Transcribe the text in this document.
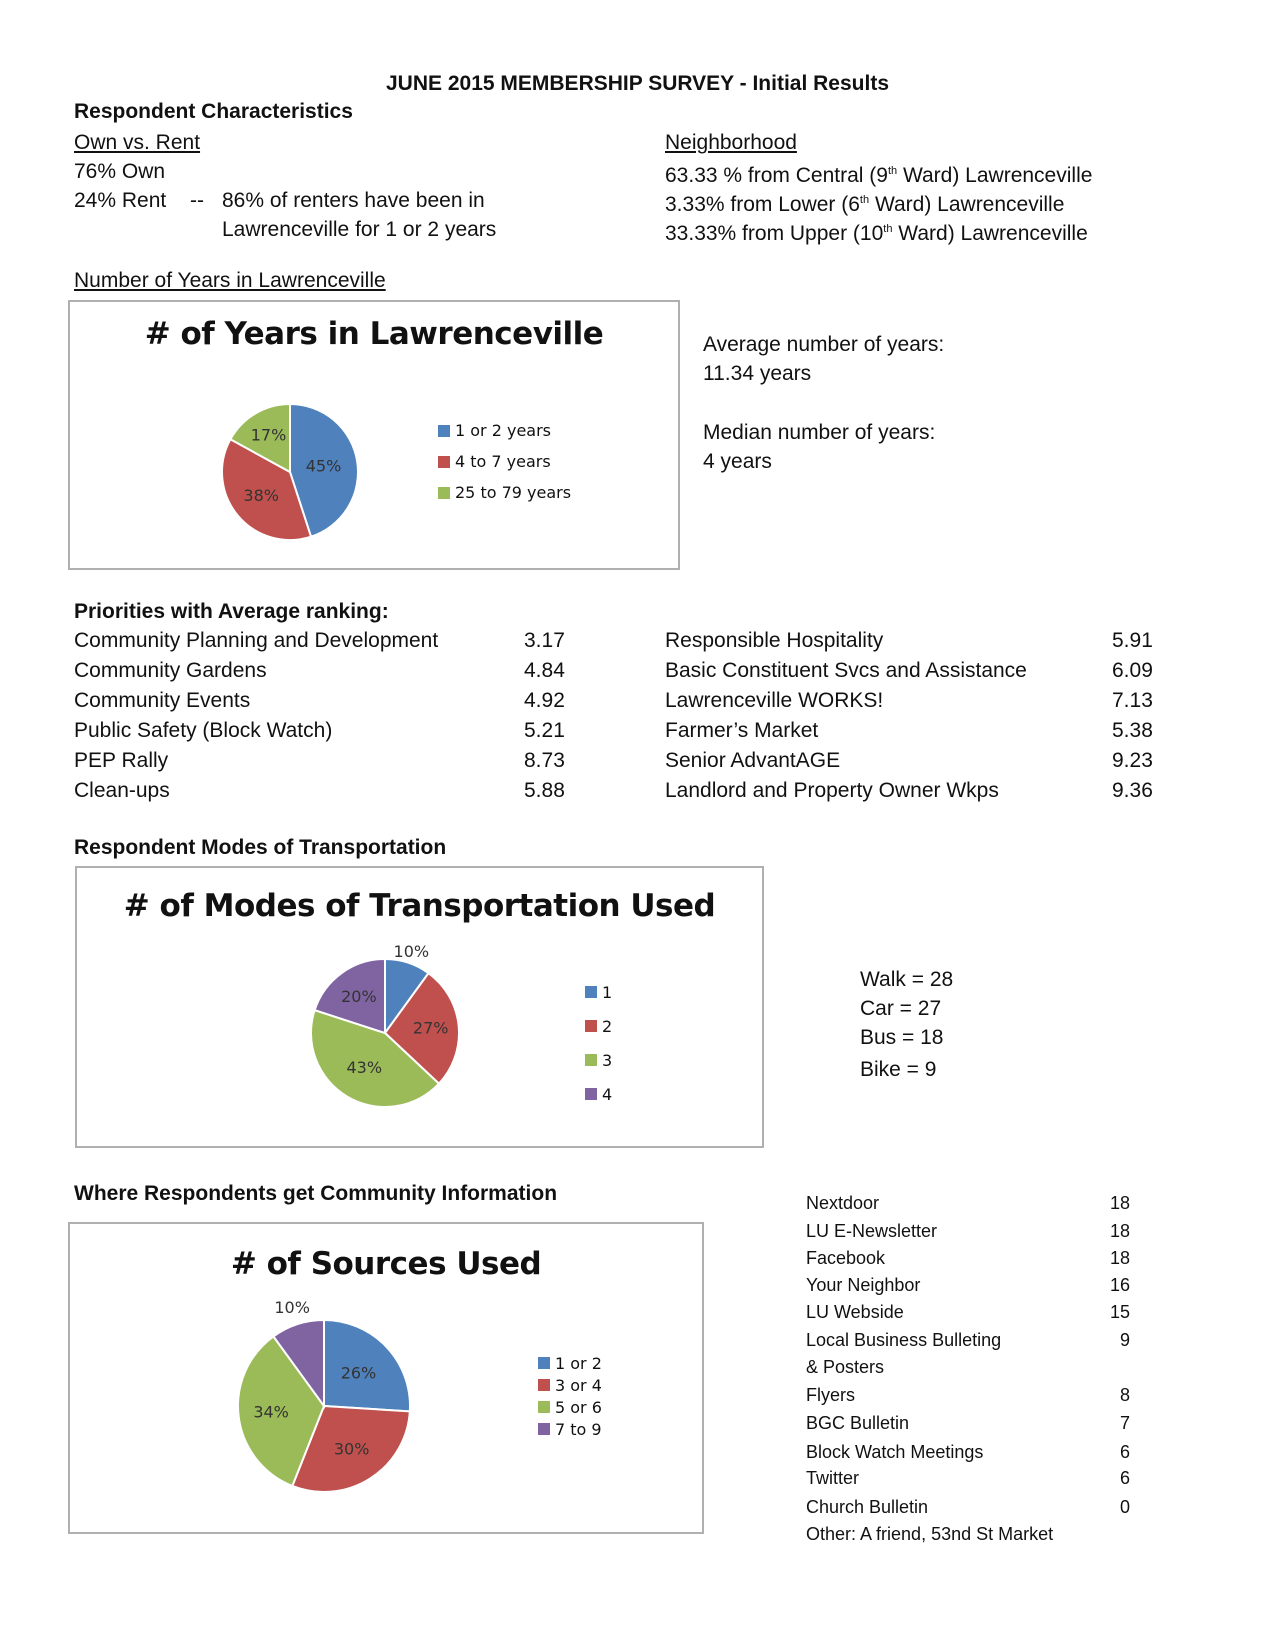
JUNE 2015 MEMBERSHIP SURVEY - Initial Results
Respondent Characteristics
Own vs. Rent
76% Own
24% Rent -- 86% of renters have been in
Lawrenceville for 1 or 2 years
Neighborhood
63.33 % from Central (9th Ward) Lawrenceville
3.33% from Lower (6th Ward) Lawrenceville
33.33% from Upper (10th Ward) Lawrenceville
Number of Years in Lawrenceville
# of Years in Lawrenceville
45%
38%
17%	1 or 2 years
4 to 7 years
25 to 79 years
Average number of years:
11.34 years
Median number of years:
4 years
Priorities with Average ranking:
Community Planning and Development	3.17
Community Gardens	4.84
Community Events	4.92
Public Safety (Block Watch)	5.21
PEP Rally	8.73
Clean-ups	5.88
Responsible Hospitality	5.91
Basic Constituent Svcs and Assistance	6.09
Lawrenceville WORKS!	7.13
Farmer’s Market	5.38
Senior AdvantAGE	9.23
Landlord and Property Owner Wkps	9.36
Respondent Modes of Transportation
# of Modes of Transportation Used
10%
27%
43%
20%	1
2
3
4
Walk = 28
Car = 27
Bus = 18
Bike = 9
Where Respondents get Community Information
# of Sources Used
26%
30%
34%
10%
1 or 2
3 or 4
5 or 6
7 to 9
Nextdoor	18
LU E-Newsletter	18
Facebook	18
Your Neighbor	16
LU Webside	15
Local Business Bulleting	9
& Posters
Flyers	8
BGC Bulletin	7
Block Watch Meetings	6
Twitter	6
Church Bulletin	0
Other: A friend, 53nd St Market
